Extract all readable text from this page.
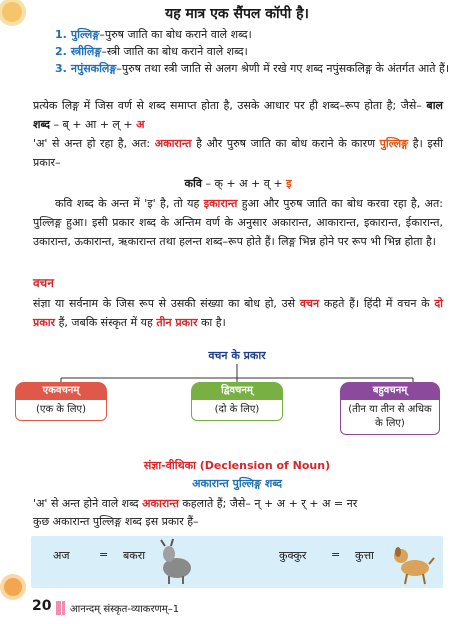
यह मात्र एक सैंपल कॉपी है।
1. पुल्लिङ्ग–पुरुष जाति का बोध कराने वाले शब्द।
2. स्त्रीलिङ्ग–स्त्री जाति का बोध कराने वाले शब्द।
3. नपुंसकलिङ्ग–पुरुष तथा स्त्री जाति से अलग श्रेणी में रखे गए शब्द नपुंसकलिङ्ग के अंतर्गत आते हैं।
प्रत्येक लिङ्ग में जिस वर्ण से शब्द समाप्त होता है, उसके आधार पर ही शब्द–रूप होता है; जैसे– बाल शब्द – ब् + आ + ल् + अ
'अ' से अन्त हो रहा है, अत: अकारान्त है और पुरुष जाति का बोध कराने के कारण पुल्लिङ्ग है। इसी प्रकार–
कवि – क् + अ + व् + इ
कवि शब्द के अन्त में 'इ' है, तो यह इकारान्त हुआ और पुरुष जाति का बोध करवा रहा है, अत: पुल्लिङ्ग हुआ। इसी प्रकार शब्द के अन्तिम वर्ण के अनुसार अकारान्त, आकारान्त, इकारान्त, ईकारान्त, उकारान्त, ऊकारान्त, ऋकारान्त तथा हलन्त शब्द–रूप होते हैं। लिङ्ग भिन्न होने पर रूप भी भिन्न होता है।
वचन
संज्ञा या सर्वनाम के जिस रूप से उसकी संख्या का बोध हो, उसे वचन कहते हैं। हिंदी में वचन के दो प्रकार हैं, जबकि संस्कृत में यह तीन प्रकार का है।
वचन के प्रकार
एकवचनम्
(एक के लिए)
द्विवचनम्
(दो के लिए)
बहुवचनम्
(तीन या तीन से अधिक के लिए)
संज्ञा-वीथिका (Declension of Noun)
अकारान्त पुल्लिङ्ग शब्द
'अ' से अन्त होने वाले शब्द अकारान्त कहलाते हैं; जैसे– न् + अ + र् + अ = नर
कुछ अकारान्त पुल्लिङ्ग शब्द इस प्रकार हैं–
अज	= बकरा	कुक्कुर = कुत्ता
20 आनन्दम् संस्कृत-व्याकरणम्–1
